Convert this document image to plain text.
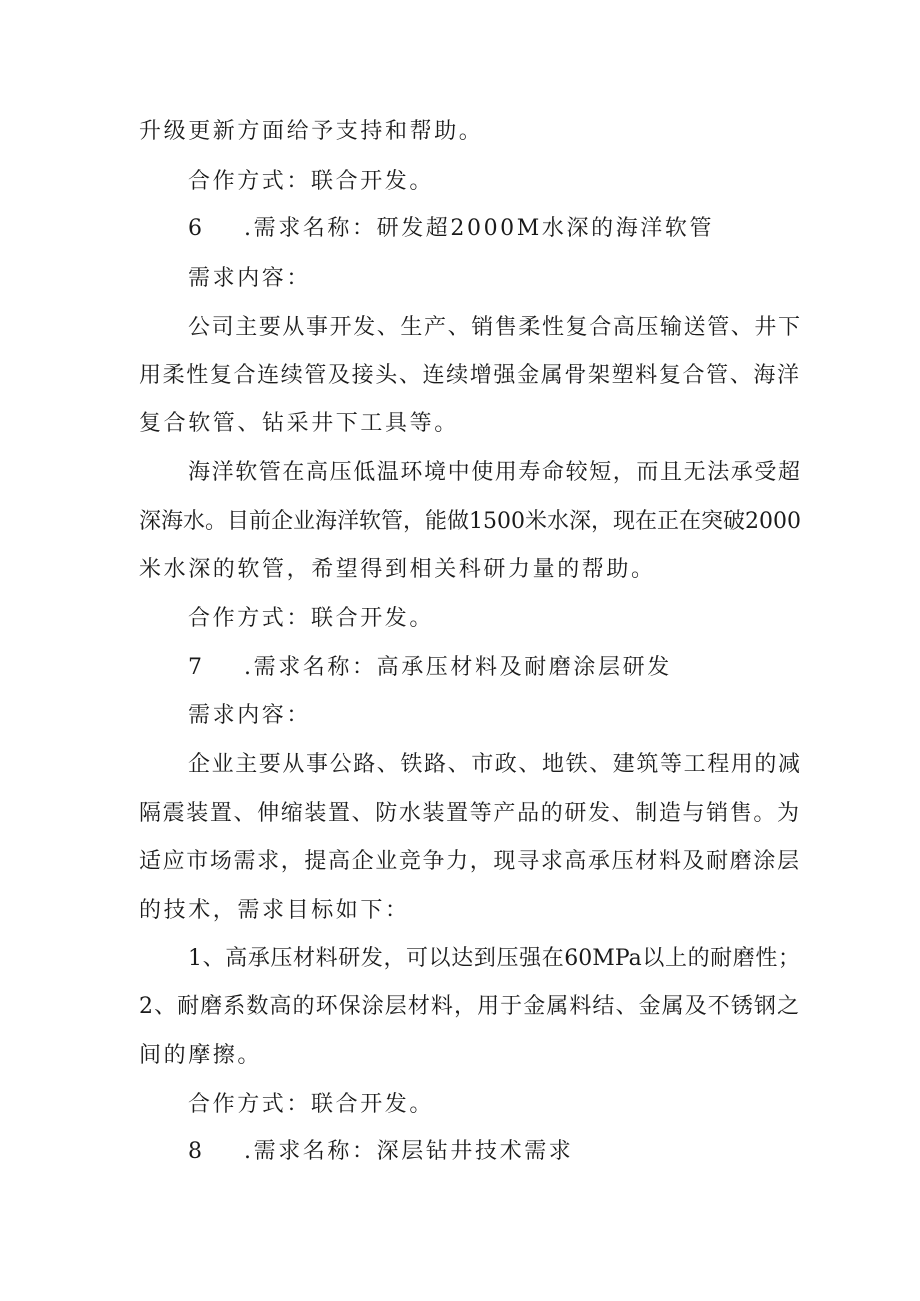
升级更新方面给予支持和帮助。
合作方式：联合开发。
6 .需求名称：研发超2000M水深的海洋软管
需求内容：
公司主要从事开发、生产、销售柔性复合高压输送管、井下
用柔性复合连续管及接头、连续增强金属骨架塑料复合管、海洋
复合软管、钻采井下工具等。
海洋软管在高压低温环境中使用寿命较短，而且无法承受超
深海水。目前企业海洋软管，能做1500米水深，现在正在突破2000
米水深的软管，希望得到相关科研力量的帮助。
合作方式：联合开发。
7 .需求名称：高承压材料及耐磨涂层研发
需求内容：
企业主要从事公路、铁路、市政、地铁、建筑等工程用的减
隔震装置、伸缩装置、防水装置等产品的研发、制造与销售。为
适应市场需求，提高企业竞争力，现寻求高承压材料及耐磨涂层
的技术，需求目标如下：
1、高承压材料研发，可以达到压强在60MPa以上的耐磨性；
2、耐磨系数高的环保涂层材料，用于金属料结、金属及不锈钢之
间的摩擦。
合作方式：联合开发。
8 .需求名称：深层钻井技术需求
